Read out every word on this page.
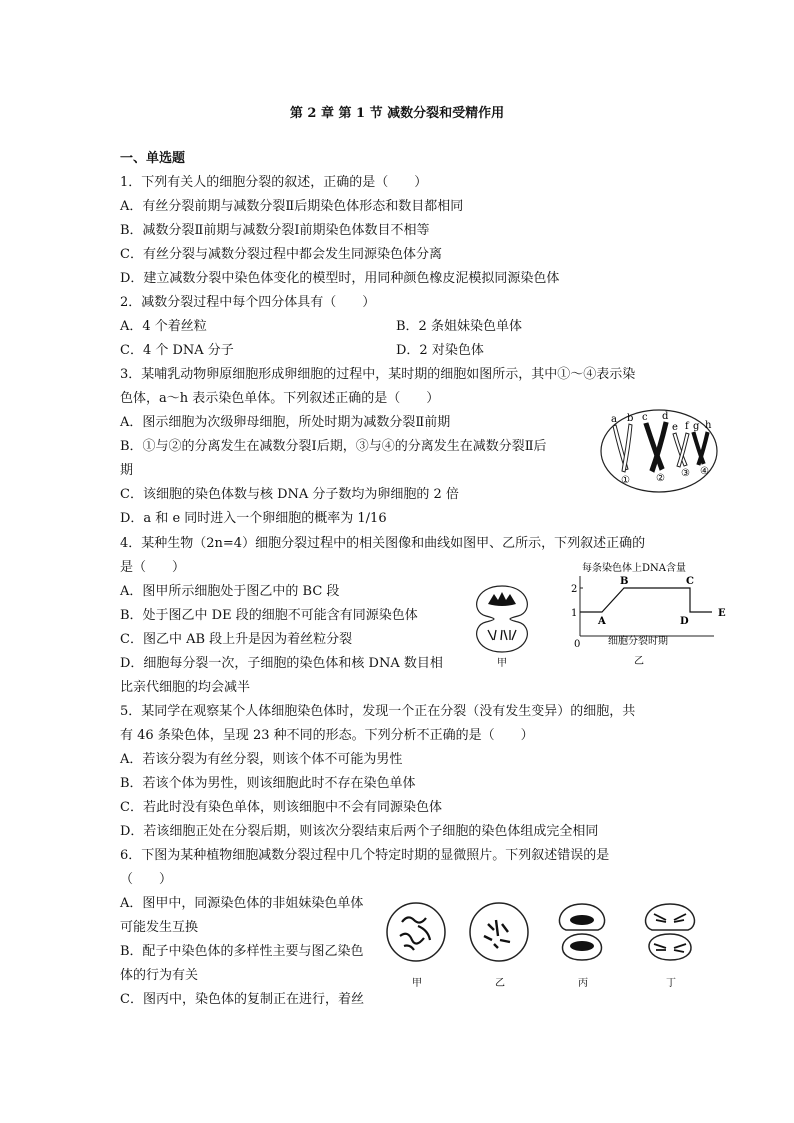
第 2 章 第 1 节 减数分裂和受精作用
一、单选题
1．下列有关人的细胞分裂的叙述，正确的是（　　）
A．有丝分裂前期与减数分裂Ⅱ后期染色体形态和数目都相同
B．减数分裂Ⅱ前期与减数分裂Ⅰ前期染色体数目不相等
C．有丝分裂与减数分裂过程中都会发生同源染色体分离
D．建立减数分裂中染色体变化的模型时，用同种颜色橡皮泥模拟同源染色体
2．减数分裂过程中每个四分体具有（　　）
A．4 个着丝粒	B．2 条姐妹染色单体
C．4 个 DNA 分子	D．2 对染色体
3．某哺乳动物卵原细胞形成卵细胞的过程中，某时期的细胞如图所示，其中①～④表示染
色体，a～h 表示染色单体。下列叙述正确的是（　　）
A．图示细胞为次级卵母细胞，所处时期为减数分裂Ⅱ前期
B．①与②的分离发生在减数分裂Ⅰ后期，③与④的分离发生在减数分裂Ⅱ后
期
C．该细胞的染色体数与核 DNA 分子数均为卵细胞的 2 倍
D．a 和 e 同时进入一个卵细胞的概率为 1/16
a b c d
e f g h
①	② ③ ④
4．某种生物（2n=4）细胞分裂过程中的相关图像和曲线如图甲、乙所示，下列叙述正确的
是（　　）
A．图甲所示细胞处于图乙中的 BC 段
B．处于图乙中 DE 段的细胞不可能含有同源染色体
C．图乙中 AB 段上升是因为着丝粒分裂
D．细胞每分裂一次，子细胞的染色体和核 DNA 数目相
比亲代细胞的均会减半
甲
每条染色体上DNA含量
0	细胞分裂时期
乙
1
2
A
B	C
D
E
5．某同学在观察某个人体细胞染色体时，发现一个正在分裂（没有发生变异）的细胞，共
有 46 条染色体，呈现 23 种不同的形态。下列分析不正确的是（　　）
A．若该分裂为有丝分裂，则该个体不可能为男性
B．若该个体为男性，则该细胞此时不存在染色单体
C．若此时没有染色单体，则该细胞中不会有同源染色体
D．若该细胞正处在分裂后期，则该次分裂结束后两个子细胞的染色体组成完全相同
6．下图为某种植物细胞减数分裂过程中几个特定时期的显微照片。下列叙述错误的是
（　　）
A．图甲中，同源染色体的非姐妹染色单体
可能发生互换
B．配子中染色体的多样性主要与图乙染色
体的行为有关
C．图丙中，染色体的复制正在进行，着丝
甲	乙	丙	丁
